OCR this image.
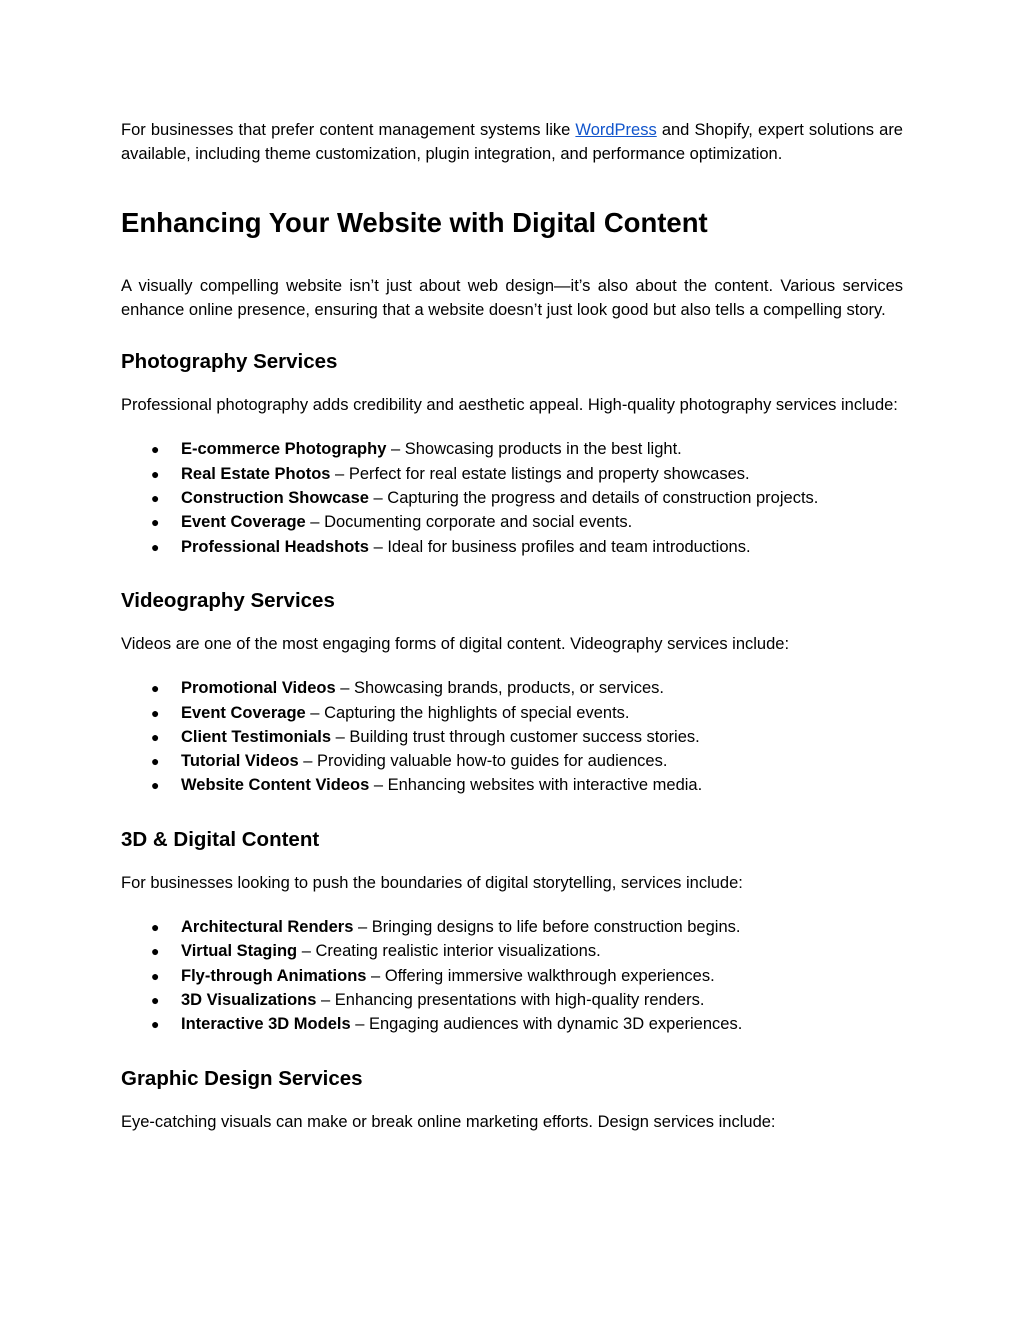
For businesses that prefer content management systems like WordPress and Shopify, expert solutions are available, including theme customization, plugin integration, and performance optimization.

Enhancing Your Website with Digital Content

A visually compelling website isn’t just about web design—it’s also about the content. Various services enhance online presence, ensuring that a website doesn’t just look good but also tells a compelling story.

Photography Services

Professional photography adds credibility and aesthetic appeal. High-quality photography services include:

● E-commerce Photography – Showcasing products in the best light.
● Real Estate Photos – Perfect for real estate listings and property showcases.
● Construction Showcase – Capturing the progress and details of construction projects.
● Event Coverage – Documenting corporate and social events.
● Professional Headshots – Ideal for business profiles and team introductions.
Videography Services

Videos are one of the most engaging forms of digital content. Videography services include:

● Promotional Videos – Showcasing brands, products, or services.
● Event Coverage – Capturing the highlights of special events.
● Client Testimonials – Building trust through customer success stories.
● Tutorial Videos – Providing valuable how-to guides for audiences.
● Website Content Videos – Enhancing websites with interactive media.
3D & Digital Content

For businesses looking to push the boundaries of digital storytelling, services include:

● Architectural Renders – Bringing designs to life before construction begins.
● Virtual Staging – Creating realistic interior visualizations.
● Fly-through Animations – Offering immersive walkthrough experiences.
● 3D Visualizations – Enhancing presentations with high-quality renders.
● Interactive 3D Models – Engaging audiences with dynamic 3D experiences.
Graphic Design Services

Eye-catching visuals can make or break online marketing efforts. Design services include:
